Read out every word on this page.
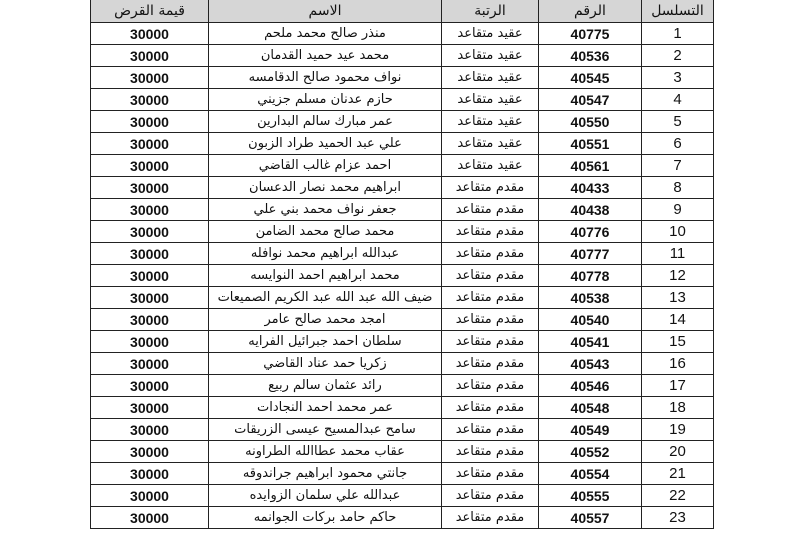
التسلسل	الرقم	الرتبة	الاسم	قيمة القرض
1	40775	عقيد متقاعد	منذر صالح محمد ملحم	30000
2	40536	عقيد متقاعد	محمد عيد حميد القدمان	30000
3	40545	عقيد متقاعد	نواف محمود صالح الدقامسه	30000
4	40547	عقيد متقاعد	حازم عدنان مسلم جزيني	30000
5	40550	عقيد متقاعد	عمر مبارك سالم البدارين	30000
6	40551	عقيد متقاعد	علي عبد الحميد طراد الزبون	30000
7	40561	عقيد متقاعد	احمد عزام غالب القاضي	30000
8	40433	مقدم متقاعد	ابراهيم محمد نصار الدعسان	30000
9	40438	مقدم متقاعد	جعفر نواف محمد بني علي	30000
10	40776	مقدم متقاعد	محمد صالح محمد الضامن	30000
11	40777	مقدم متقاعد	عبدالله ابراهيم محمد نوافله	30000
12	40778	مقدم متقاعد	محمد ابراهيم احمد النوايسه	30000
13	40538	مقدم متقاعد	ضيف الله عبد الله عبد الكريم الصميعات	30000
14	40540	مقدم متقاعد	امجد محمد صالح عامر	30000
15	40541	مقدم متقاعد	سلطان احمد جبرائيل الفرايه	30000
16	40543	مقدم متقاعد	زكريا حمد عناد القاضي	30000
17	40546	مقدم متقاعد	رائد عثمان سالم ربيع	30000
18	40548	مقدم متقاعد	عمر محمد احمد النجادات	30000
19	40549	مقدم متقاعد	سامح عبدالمسيح عيسى الزريقات	30000
20	40552	مقدم متقاعد	عقاب محمد عطاالله الطراونه	30000
21	40554	مقدم متقاعد	جانتي محمود ابراهيم جراندوقه	30000
22	40555	مقدم متقاعد	عبدالله علي سلمان الزوايده	30000
23	40557	مقدم متقاعد	حاكم حامد بركات الجوانمه	30000
